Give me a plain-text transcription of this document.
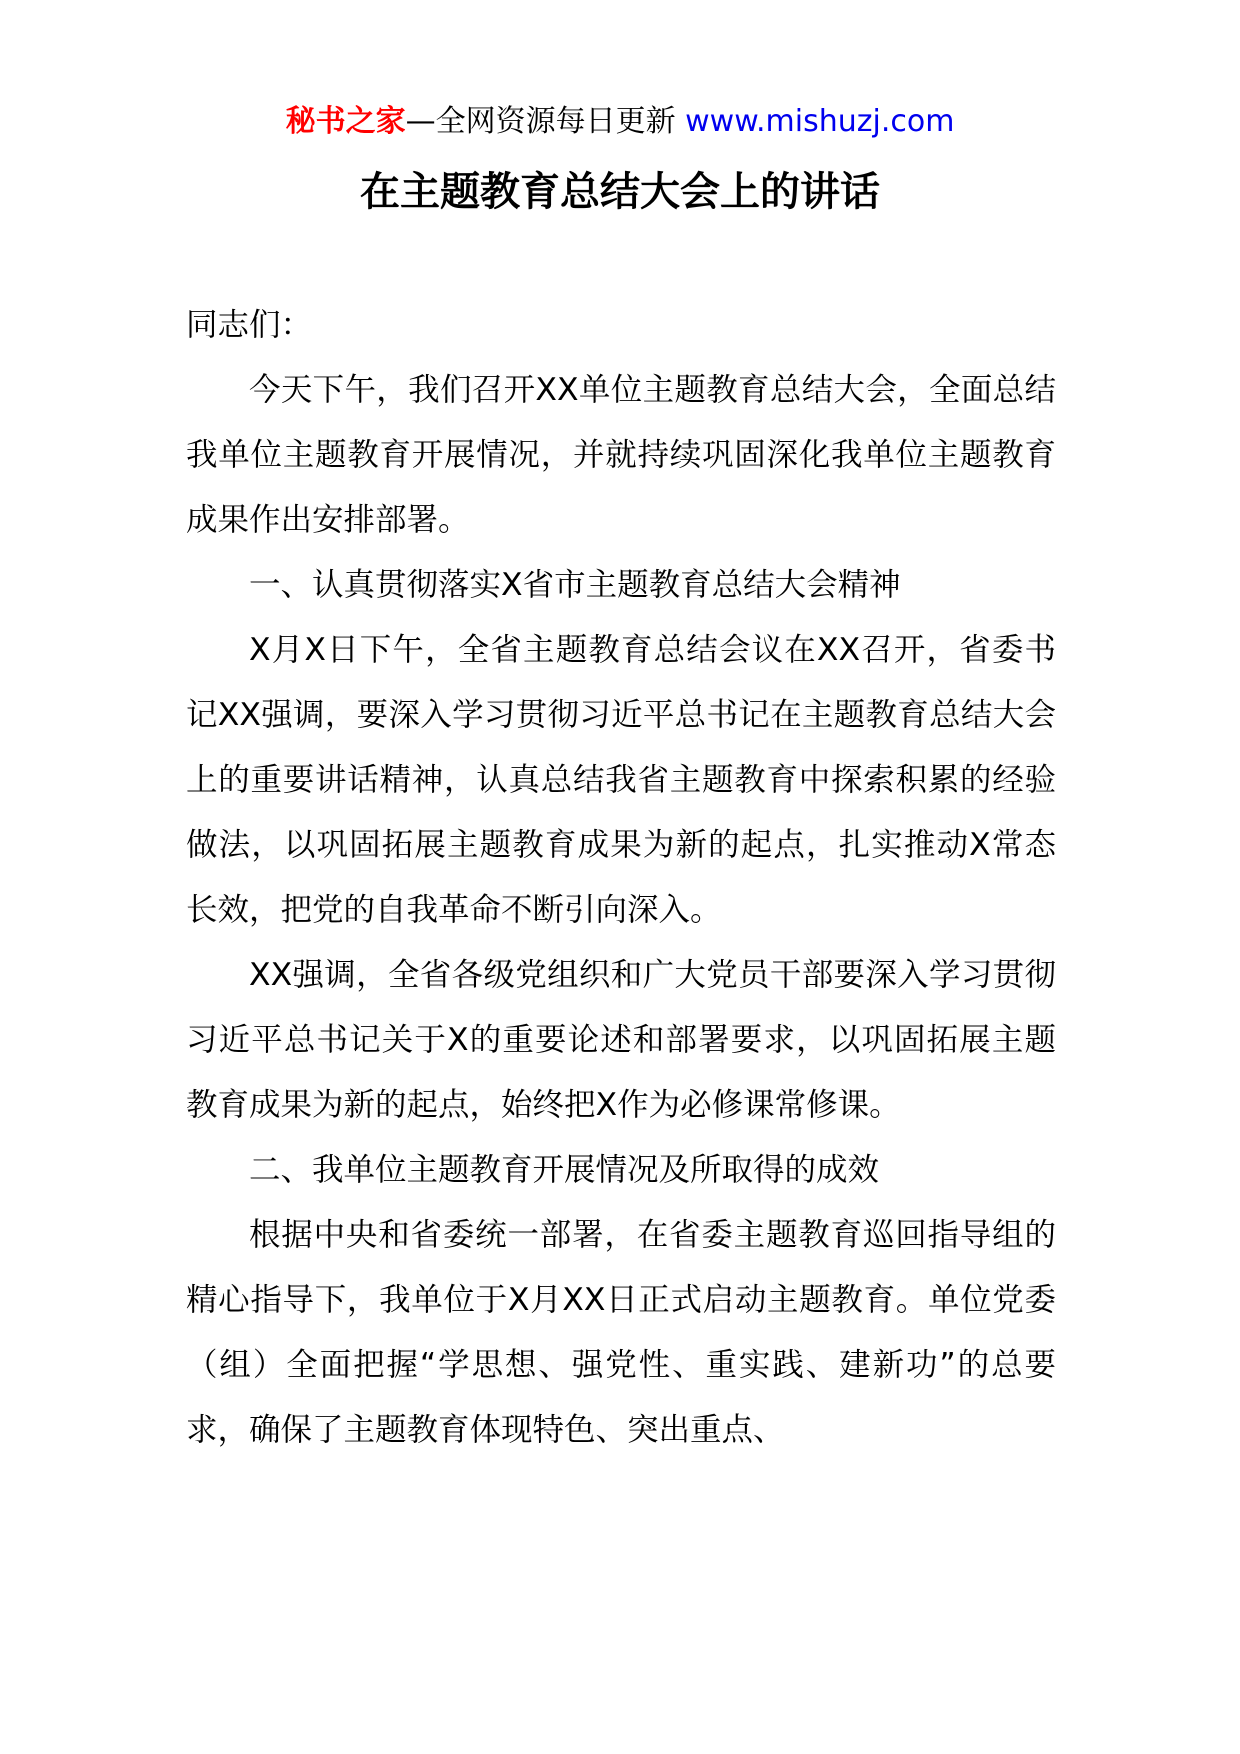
秘书之家—全网资源每日更新 www.mishuzj.com
在主题教育总结大会上的讲话

同志们：

今天下午，我们召开XX单位主题教育总结大会，全面总结我单位主题教育开展情况，并就持续巩固深化我单位主题教育成果作出安排部署。

一、认真贯彻落实X省市主题教育总结大会精神

X月X日下午，全省主题教育总结会议在XX召开，省委书记XX强调，要深入学习贯彻习近平总书记在主题教育总结大会上的重要讲话精神，认真总结我省主题教育中探索积累的经验做法，以巩固拓展主题教育成果为新的起点，扎实推动X常态长效，把党的自我革命不断引向深入。

XX强调，全省各级党组织和广大党员干部要深入学习贯彻习近平总书记关于X的重要论述和部署要求，以巩固拓展主题教育成果为新的起点，始终把X作为必修课常修课。

二、我单位主题教育开展情况及所取得的成效

根据中央和省委统一部署，在省委主题教育巡回指导组的精心指导下，我单位于X月XX日正式启动主题教育。单位党委（组）全面把握“学思想、强党性、重实践、建新功”的总要求，确保了主题教育体现特色、突出重点、
